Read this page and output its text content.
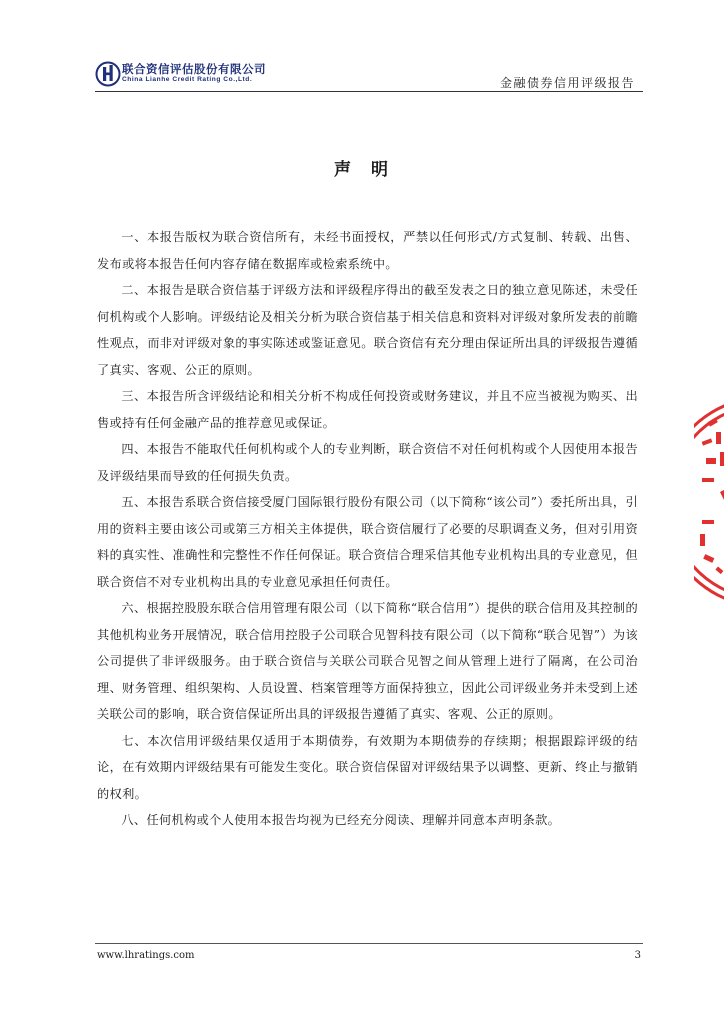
联合资信评估股份有限公司
China Lianhe Credit Rating Co.,Ltd.	金融债券信用评级报告
声明

一、本报告版权为联合资信所有，未经书面授权，严禁以任何形式/方式复制、转载、出售、发布或将本报告任何内容存储在数据库或检索系统中。

二、本报告是联合资信基于评级方法和评级程序得出的截至发表之日的独立意见陈述，未受任何机构或个人影响。评级结论及相关分析为联合资信基于相关信息和资料对评级对象所发表的前瞻性观点，而非对评级对象的事实陈述或鉴证意见。联合资信有充分理由保证所出具的评级报告遵循了真实、客观、公正的原则。

三、本报告所含评级结论和相关分析不构成任何投资或财务建议，并且不应当被视为购买、出售或持有任何金融产品的推荐意见或保证。

四、本报告不能取代任何机构或个人的专业判断，联合资信不对任何机构或个人因使用本报告及评级结果而导致的任何损失负责。

五、本报告系联合资信接受厦门国际银行股份有限公司（以下简称“该公司”）委托所出具，引用的资料主要由该公司或第三方相关主体提供，联合资信履行了必要的尽职调查义务，但对引用资料的真实性、准确性和完整性不作任何保证。联合资信合理采信其他专业机构出具的专业意见，但联合资信不对专业机构出具的专业意见承担任何责任。

六、根据控股股东联合信用管理有限公司（以下简称“联合信用”）提供的联合信用及其控制的其他机构业务开展情况，联合信用控股子公司联合见智科技有限公司（以下简称“联合见智”）为该公司提供了非评级服务。由于联合资信与关联公司联合见智之间从管理上进行了隔离，在公司治理、财务管理、组织架构、人员设置、档案管理等方面保持独立，因此公司评级业务并未受到上述关联公司的影响，联合资信保证所出具的评级报告遵循了真实、客观、公正的原则。

七、本次信用评级结果仅适用于本期债券，有效期为本期债券的存续期；根据跟踪评级的结论，在有效期内评级结果有可能发生变化。联合资信保留对评级结果予以调整、更新、终止与撤销的权利。

八、任何机构或个人使用本报告均视为已经充分阅读、理解并同意本声明条款。

www.lhratings.com	3
